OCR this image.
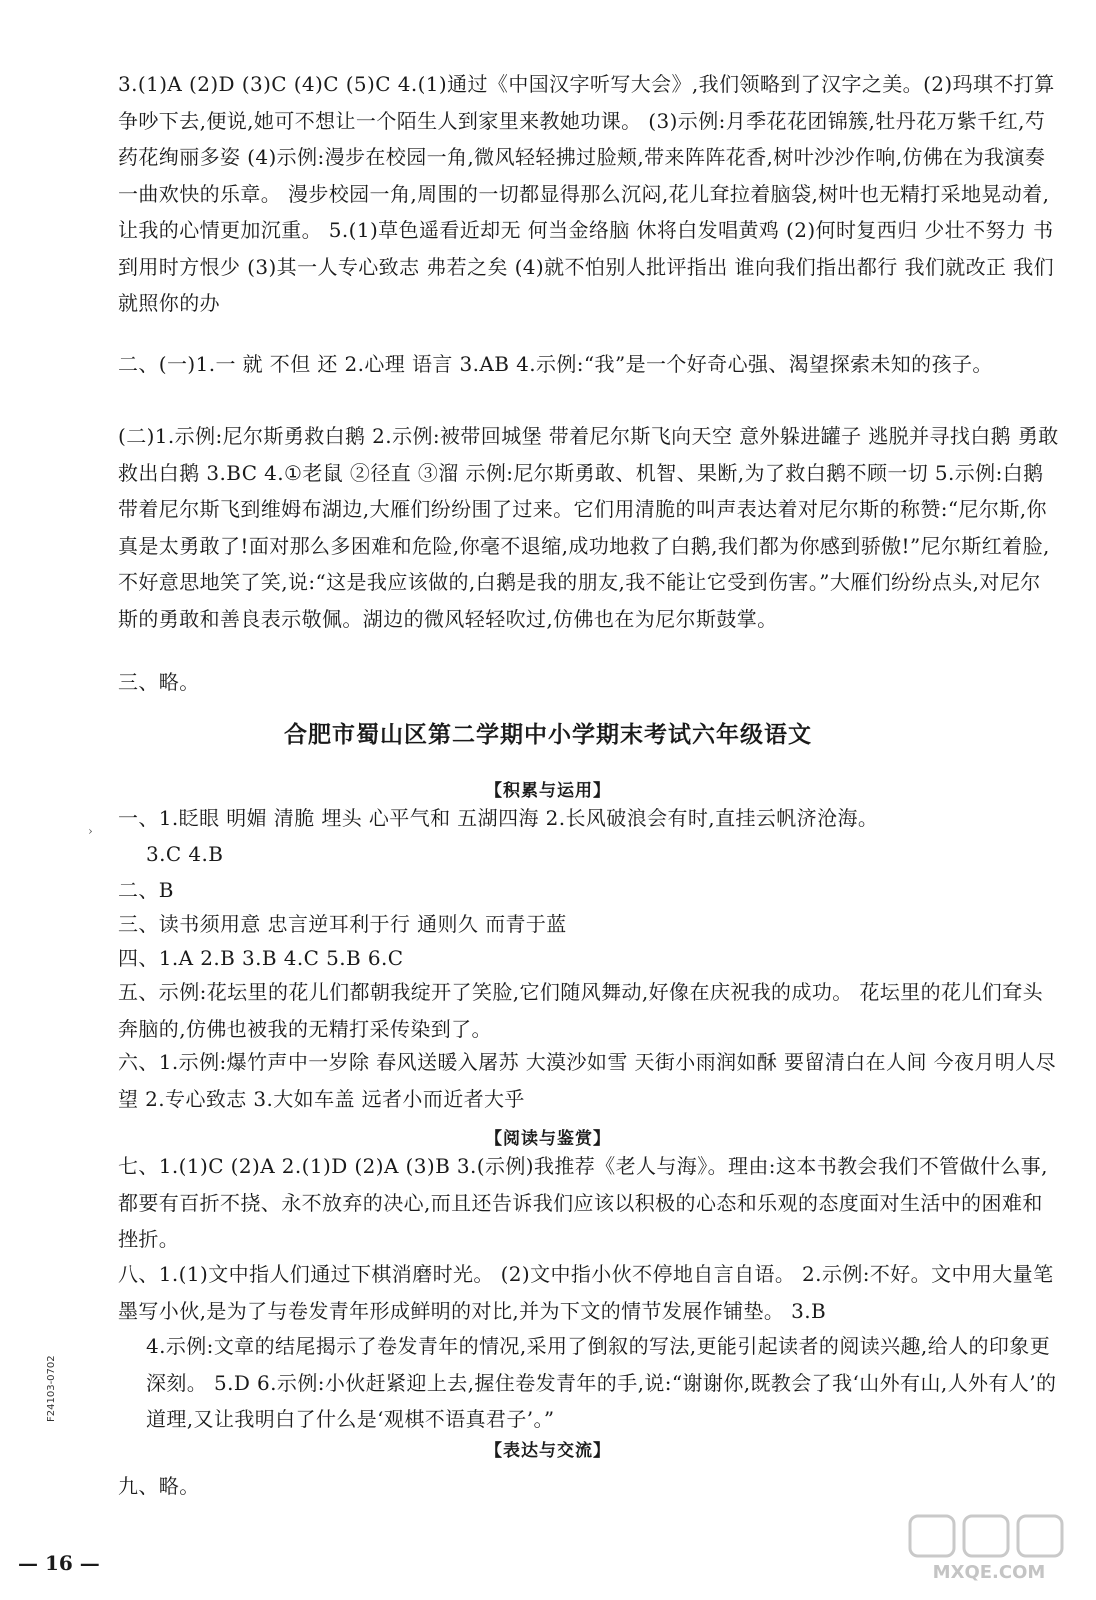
3.(1)A (2)D (3)C (4)C (5)C 4.(1)通过《中国汉字听写大会》,我们领略到了汉字之美。(2)玛琪不打算争吵下去,便说,她可不想让一个陌生人到家里来教她功课。 (3)示例:月季花花团锦簇,牡丹花万紫千红,芍药花绚丽多姿 (4)示例:漫步在校园一角,微风轻轻拂过脸颊,带来阵阵花香,树叶沙沙作响,仿佛在为我演奏一曲欢快的乐章。 漫步校园一角,周围的一切都显得那么沉闷,花儿耷拉着脑袋,树叶也无精打采地晃动着,让我的心情更加沉重。 5.(1)草色遥看近却无 何当金络脑 休将白发唱黄鸡 (2)何时复西归 少壮不努力 书到用时方恨少 (3)其一人专心致志 弗若之矣 (4)就不怕别人批评指出 谁向我们指出都行 我们就改正 我们就照你的办

二、(一)1.一 就 不但 还 2.心理 语言 3.AB 4.示例:“我”是一个好奇心强、渴望探索未知的孩子。

(二)1.示例:尼尔斯勇救白鹅 2.示例:被带回城堡 带着尼尔斯飞向天空 意外躲进罐子 逃脱并寻找白鹅 勇敢救出白鹅 3.BC 4.①老鼠 ②径直 ③溜 示例:尼尔斯勇敢、机智、果断,为了救白鹅不顾一切 5.示例:白鹅带着尼尔斯飞到维姆布湖边,大雁们纷纷围了过来。它们用清脆的叫声表达着对尼尔斯的称赞:“尼尔斯,你真是太勇敢了!面对那么多困难和危险,你毫不退缩,成功地救了白鹅,我们都为你感到骄傲!”尼尔斯红着脸,不好意思地笑了笑,说:“这是我应该做的,白鹅是我的朋友,我不能让它受到伤害。”大雁们纷纷点头,对尼尔斯的勇敢和善良表示敬佩。湖边的微风轻轻吹过,仿佛也在为尼尔斯鼓掌。

三、略。

合肥市蜀山区第二学期中小学期末考试六年级语文

【积累与运用】

›

一、1.眨眼 明媚 清脆 埋头 心平气和 五湖四海 2.长风破浪会有时,直挂云帆济沧海。

3.C 4.B

二、B

三、读书须用意 忠言逆耳利于行 通则久 而青于蓝

四、1.A 2.B 3.B 4.C 5.B 6.C

五、示例:花坛里的花儿们都朝我绽开了笑脸,它们随风舞动,好像在庆祝我的成功。 花坛里的花儿们耷头奔脑的,仿佛也被我的无精打采传染到了。

六、1.示例:爆竹声中一岁除 春风送暖入屠苏 大漠沙如雪 天街小雨润如酥 要留清白在人间 今夜月明人尽望 2.专心致志 3.大如车盖 远者小而近者大乎

【阅读与鉴赏】

七、1.(1)C (2)A 2.(1)D (2)A (3)B 3.(示例)我推荐《老人与海》。理由:这本书教会我们不管做什么事,都要有百折不挠、永不放弃的决心,而且还告诉我们应该以积极的心态和乐观的态度面对生活中的困难和挫折。

八、1.(1)文中指人们通过下棋消磨时光。 (2)文中指小伙不停地自言自语。 2.示例:不好。文中用大量笔墨写小伙,是为了与卷发青年形成鲜明的对比,并为下文的情节发展作铺垫。 3.B

4.示例:文章的结尾揭示了卷发青年的情况,采用了倒叙的写法,更能引起读者的阅读兴趣,给人的印象更深刻。 5.D 6.示例:小伙赶紧迎上去,握住卷发青年的手,说:“谢谢你,既教会了我‘山外有山,人外有人’的道理,又让我明白了什么是‘观棋不语真君子’。”

【表达与交流】

九、略。

F24103-0702
— 16 —	MXQE.COM
